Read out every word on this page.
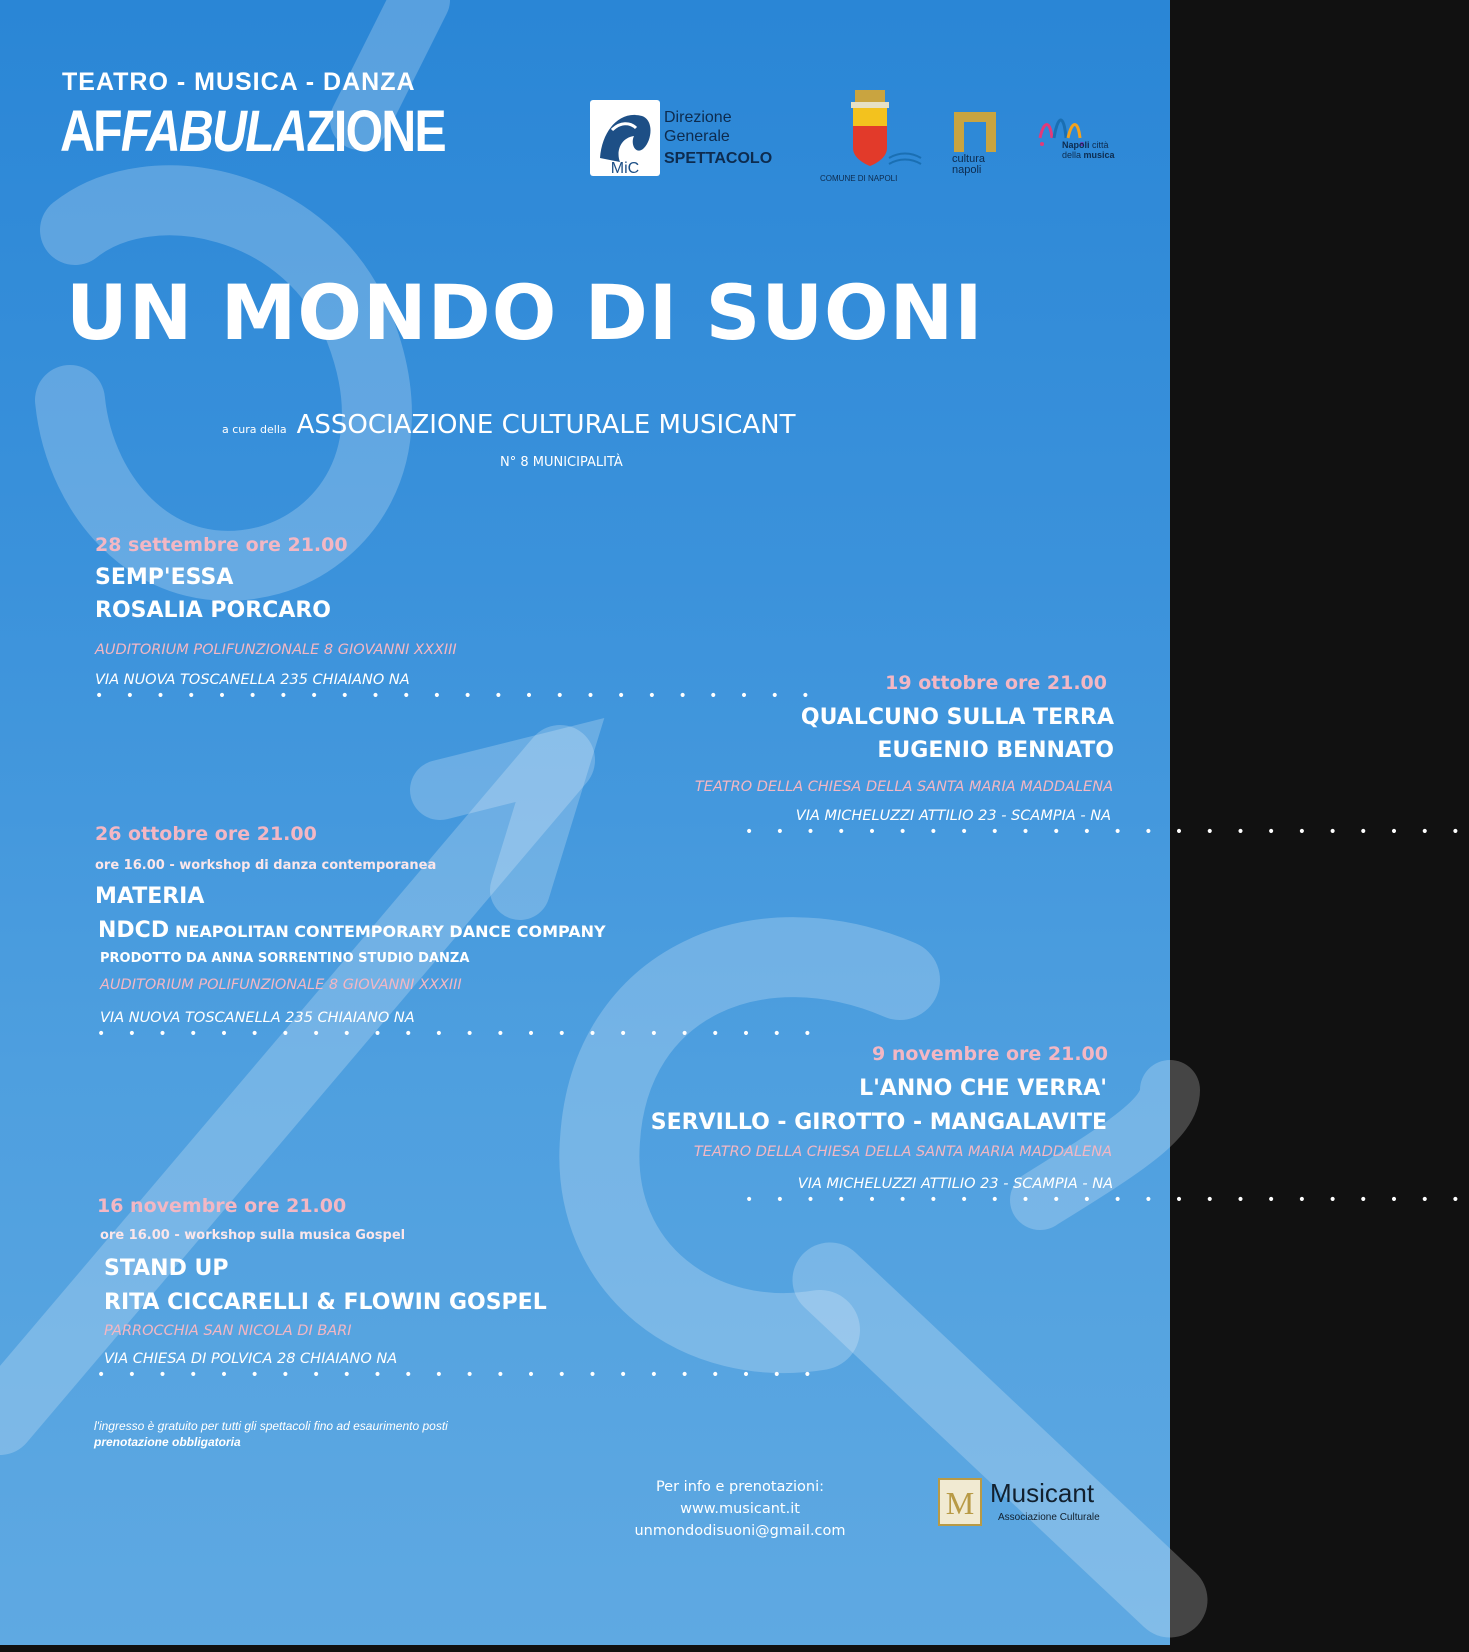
TEATRO - MUSICA - DANZA
AFFABULAZIONE
MiC
Direzione
Generale
SPETTACOLO
COMUNE DI NAPOLI
cultura
napoli
Napoli città
della musica
UN MONDO DI SUONI
a cura della ASSOCIAZIONE CULTURALE MUSICANT
N° 8 MUNICIPALITÀ
28 settembre ore 21.00
SEMP'ESSA
ROSALIA PORCARO
AUDITORIUM POLIFUNZIONALE 8 GIOVANNI XXXIII
VIA NUOVA TOSCANELLA 235 CHIAIANO NA
• • • • • • • • • • • • • • • • • • • • • • • •
19 ottobre ore 21.00
QUALCUNO SULLA TERRA
EUGENIO BENNATO
TEATRO DELLA CHIESA DELLA SANTA MARIA MADDALENA
VIA MICHELUZZI ATTILIO 23 - SCAMPIA - NA
• • • • • • • • • • • • • • • • • • • • • • • •
26 ottobre ore 21.00
ore 16.00 - workshop di danza contemporanea
MATERIA
NDCD NEAPOLITAN CONTEMPORARY DANCE COMPANY
PRODOTTO DA ANNA SORRENTINO STUDIO DANZA
AUDITORIUM POLIFUNZIONALE 8 GIOVANNI XXXIII
VIA NUOVA TOSCANELLA 235 CHIAIANO NA
• • • • • • • • • • • • • • • • • • • • • • • •
9 novembre ore 21.00
L'ANNO CHE VERRA'
SERVILLO - GIROTTO - MANGALAVITE
TEATRO DELLA CHIESA DELLA SANTA MARIA MADDALENA
VIA MICHELUZZI ATTILIO 23 - SCAMPIA - NA
• • • • • • • • • • • • • • • • • • • • • • • •
16 novembre ore 21.00
ore 16.00 - workshop sulla musica Gospel
STAND UP
RITA CICCARELLI & FLOWIN GOSPEL
PARROCCHIA SAN NICOLA DI BARI
VIA CHIESA DI POLVICA 28 CHIAIANO NA
• • • • • • • • • • • • • • • • • • • • • • • •
l'ingresso è gratuito per tutti gli spettacoli fino ad esaurimento posti
prenotazione obbligatoria
Per info e prenotazioni:
www.musicant.it
unmondodisuoni@gmail.com
M Musicant
Associazione Culturale
